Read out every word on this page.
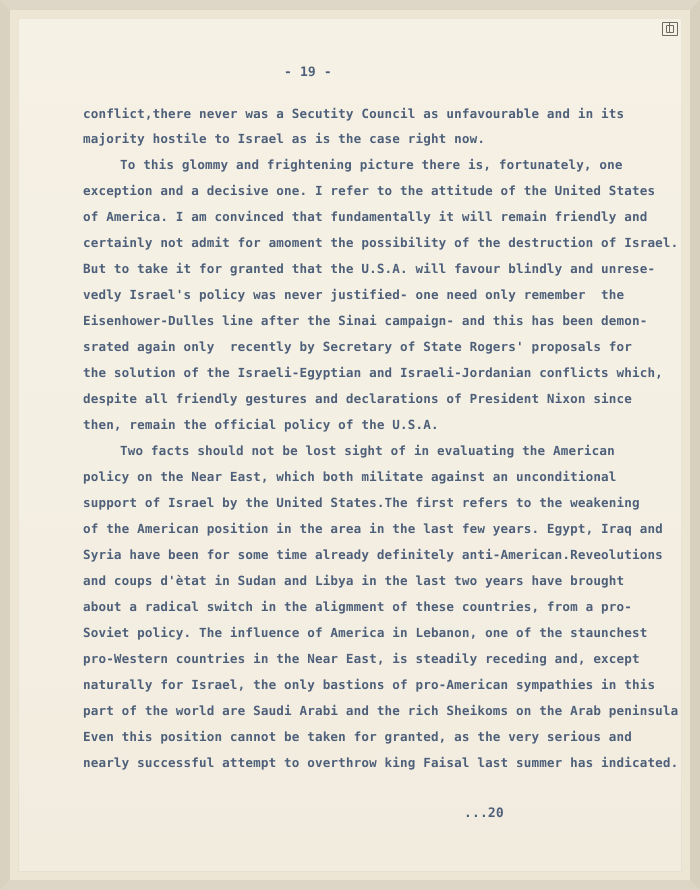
- 19 -
conflict,there never was a Secutity Council as unfavourable and in its
majority hostile to Israel as is the case right now.
To this glommy and frightening picture there is, fortunately, one
exception and a decisive one. I refer to the attitude of the United States
of America. I am convinced that fundamentally it will remain friendly and
certainly not admit for amoment the possibility of the destruction of Israel.
But to take it for granted that the U.S.A. will favour blindly and unrese-
vedly Israel's policy was never justified- one need only remember  the
Eisenhower-Dulles line after the Sinai campaign- and this has been demon-
srated again only  recently by Secretary of State Rogers' proposals for
the solution of the Israeli-Egyptian and Israeli-Jordanian conflicts which,
despite all friendly gestures and declarations of President Nixon since
then, remain the official policy of the U.S.A.
Two facts should not be lost sight of in evaluating the American
policy on the Near East, which both militate against an unconditional
support of Israel by the United States.The first refers to the weakening
of the American position in the area in the last few years. Egypt, Iraq and
Syria have been for some time already definitely anti-American.Reveolutions
and coups d'ètat in Sudan and Libya in the last two years have brought
about a radical switch in the aligmment of these countries, from a pro-
Soviet policy. The influence of America in Lebanon, one of the staunchest
pro-Western countries in the Near East, is steadily receding and, except
naturally for Israel, the only bastions of pro-American sympathies in this
part of the world are Saudi Arabi and the rich Sheikoms on the Arab peninsula
Even this position cannot be taken for granted, as the very serious and
nearly successful attempt to overthrow king Faisal last summer has indicated.
...20
